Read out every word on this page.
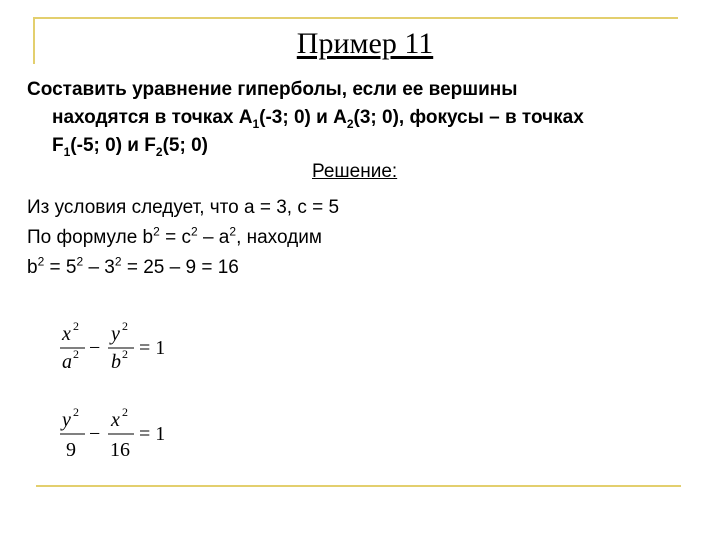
Пример 11
Составить уравнение гиперболы, если ее вершины
находятся в точках $А_1(-3$; 0) и $А_2(3$; 0), фокусы – в точках
$F_1(-5$; 0) и $F_2(5$; 0)
Решение:
Из условия следует, что а = 3, с = 5
По формуле $b^2 = c^2 - a^2$, находим
$b^2 = 5^2 - 3^2 = 25 - 9 = 16$
x 2
a 2 −
y 2
b 2 = 1
y 2
9
−
x 2
16
= 1
